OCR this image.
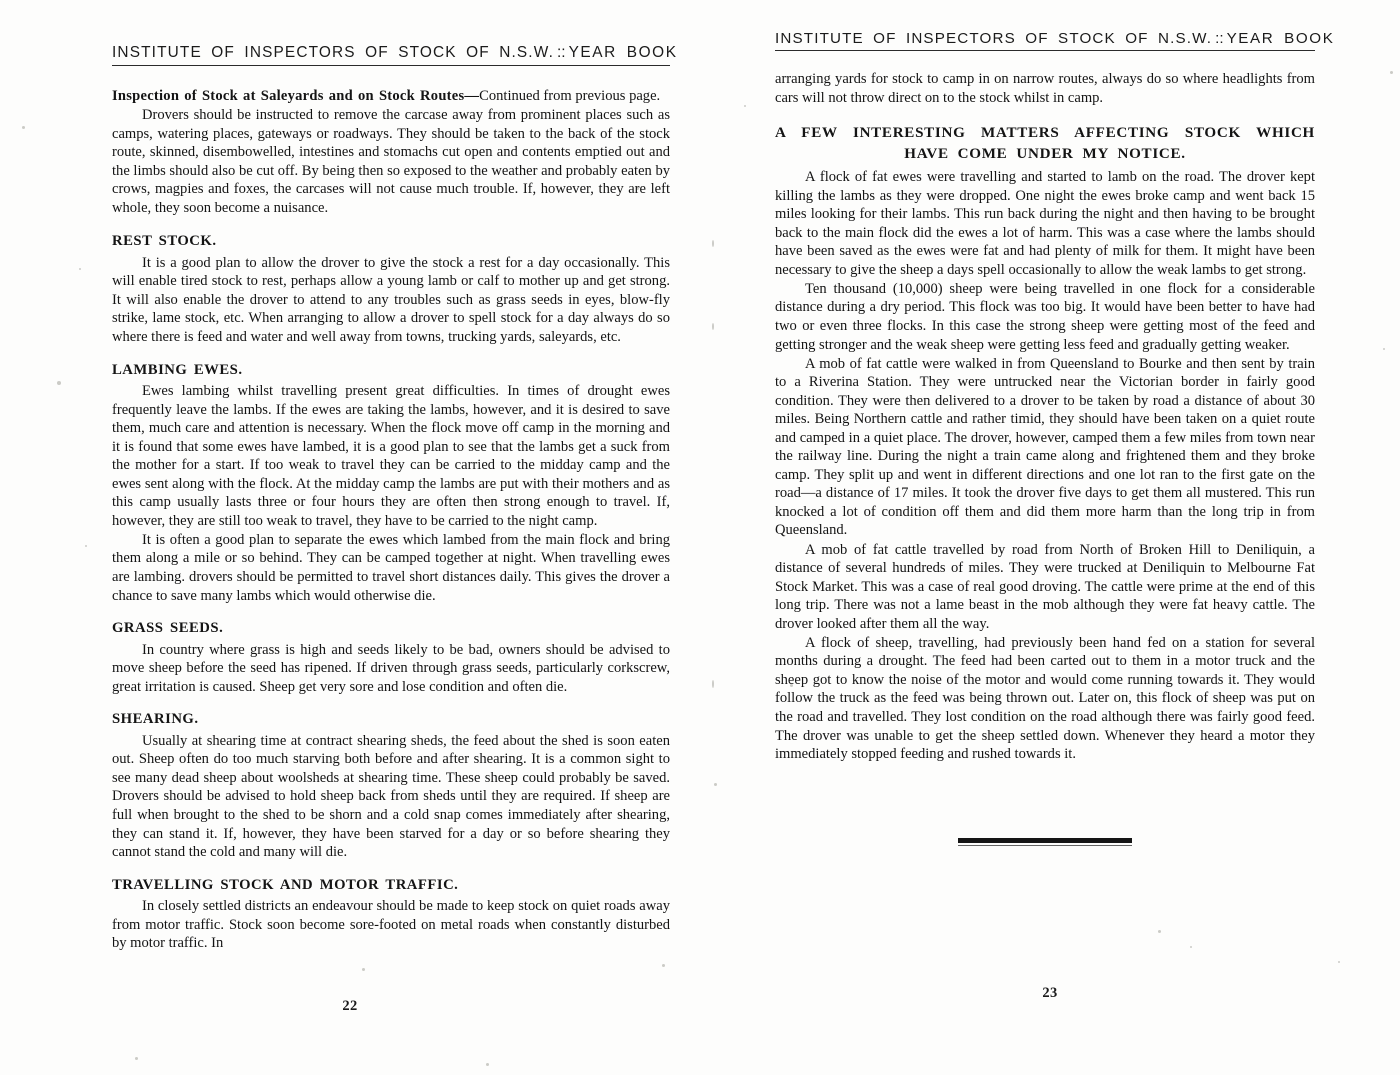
INSTITUTE OF INSPECTORS OF STOCK OF N.S.W. :: YEAR BOOK

Inspection of Stock at Saleyards and on Stock Routes—Continued from previous page.

Drovers should be instructed to remove the carcase away from prominent places such as camps, watering places, gateways or roadways. They should be taken to the back of the stock route, skinned, disembowelled, intestines and stomachs cut open and contents emptied out and the limbs should also be cut off. By being then so exposed to the weather and probably eaten by crows, magpies and foxes, the carcases will not cause much trouble. If, however, they are left whole, they soon become a nuisance.

REST STOCK.

It is a good plan to allow the drover to give the stock a rest for a day occasionally. This will enable tired stock to rest, perhaps allow a young lamb or calf to mother up and get strong. It will also enable the drover to attend to any troubles such as grass seeds in eyes, blow-fly strike, lame stock, etc. When arranging to allow a drover to spell stock for a day always do so where there is feed and water and well away from towns, trucking yards, saleyards, etc.

LAMBING EWES.

Ewes lambing whilst travelling present great difficulties. In times of drought ewes frequently leave the lambs. If the ewes are taking the lambs, however, and it is desired to save them, much care and attention is necessary. When the flock move off camp in the morning and it is found that some ewes have lambed, it is a good plan to see that the lambs get a suck from the mother for a start. If too weak to travel they can be carried to the midday camp and the ewes sent along with the flock. At the midday camp the lambs are put with their mothers and as this camp usually lasts three or four hours they are often then strong enough to travel. If, however, they are still too weak to travel, they have to be carried to the night camp.

It is often a good plan to separate the ewes which lambed from the main flock and bring them along a mile or so behind. They can be camped together at night. When travelling ewes are lambing. drovers should be permitted to travel short distances daily. This gives the drover a chance to save many lambs which would otherwise die.

GRASS SEEDS.

In country where grass is high and seeds likely to be bad, owners should be advised to move sheep before the seed has ripened. If driven through grass seeds, particularly corkscrew, great irritation is caused. Sheep get very sore and lose condition and often die.

SHEARING.

Usually at shearing time at contract shearing sheds, the feed about the shed is soon eaten out. Sheep often do too much starving both before and after shearing. It is a common sight to see many dead sheep about woolsheds at shearing time. These sheep could probably be saved. Drovers should be advised to hold sheep back from sheds until they are required. If sheep are full when brought to the shed to be shorn and a cold snap comes immediately after shearing, they can stand it. If, however, they have been starved for a day or so before shearing they cannot stand the cold and many will die.

TRAVELLING STOCK AND MOTOR TRAFFIC.

In closely settled districts an endeavour should be made to keep stock on quiet roads away from motor traffic. Stock soon become sore-footed on metal roads when constantly disturbed by motor traffic. In

22
INSTITUTE OF INSPECTORS OF STOCK OF N.S.W. :: YEAR BOOK

arranging yards for stock to camp in on narrow routes, always do so where headlights from cars will not throw direct on to the stock whilst in camp.

A FEW INTERESTING MATTERS AFFECTING STOCK WHICH
HAVE COME UNDER MY NOTICE.

A flock of fat ewes were travelling and started to lamb on the road. The drover kept killing the lambs as they were dropped. One night the ewes broke camp and went back 15 miles looking for their lambs. This run back during the night and then having to be brought back to the main flock did the ewes a lot of harm. This was a case where the lambs should have been saved as the ewes were fat and had plenty of milk for them. It might have been necessary to give the sheep a days spell occasionally to allow the weak lambs to get strong.

Ten thousand (10,000) sheep were being travelled in one flock for a considerable distance during a dry period. This flock was too big. It would have been better to have had two or even three flocks. In this case the strong sheep were getting most of the feed and getting stronger and the weak sheep were getting less feed and gradually getting weaker.

A mob of fat cattle were walked in from Queensland to Bourke and then sent by train to a Riverina Station. They were untrucked near the Victorian border in fairly good condition. They were then delivered to a drover to be taken by road a distance of about 30 miles. Being Northern cattle and rather timid, they should have been taken on a quiet route and camped in a quiet place. The drover, however, camped them a few miles from town near the railway line. During the night a train came along and frightened them and they broke camp. They split up and went in different directions and one lot ran to the first gate on the road—a distance of 17 miles. It took the drover five days to get them all mustered. This run knocked a lot of condition off them and did them more harm than the long trip in from Queensland.

A mob of fat cattle travelled by road from North of Broken Hill to Deniliquin, a distance of several hundreds of miles. They were trucked at Deniliquin to Melbourne Fat Stock Market. This was a case of real good droving. The cattle were prime at the end of this long trip. There was not a lame beast in the mob although they were fat heavy cattle. The drover looked after them all the way.

A flock of sheep, travelling, had previously been hand fed on a station for several months during a drought. The feed had been carted out to them in a motor truck and the sheep got to know the noise of the motor and would come running towards it. They would follow the truck as the feed was being thrown out. Later on, this flock of sheep was put on the road and travelled. They lost condition on the road although there was fairly good feed. The drover was unable to get the sheep settled down. Whenever they heard a motor they immediately stopped feeding and rushed towards it.

23
